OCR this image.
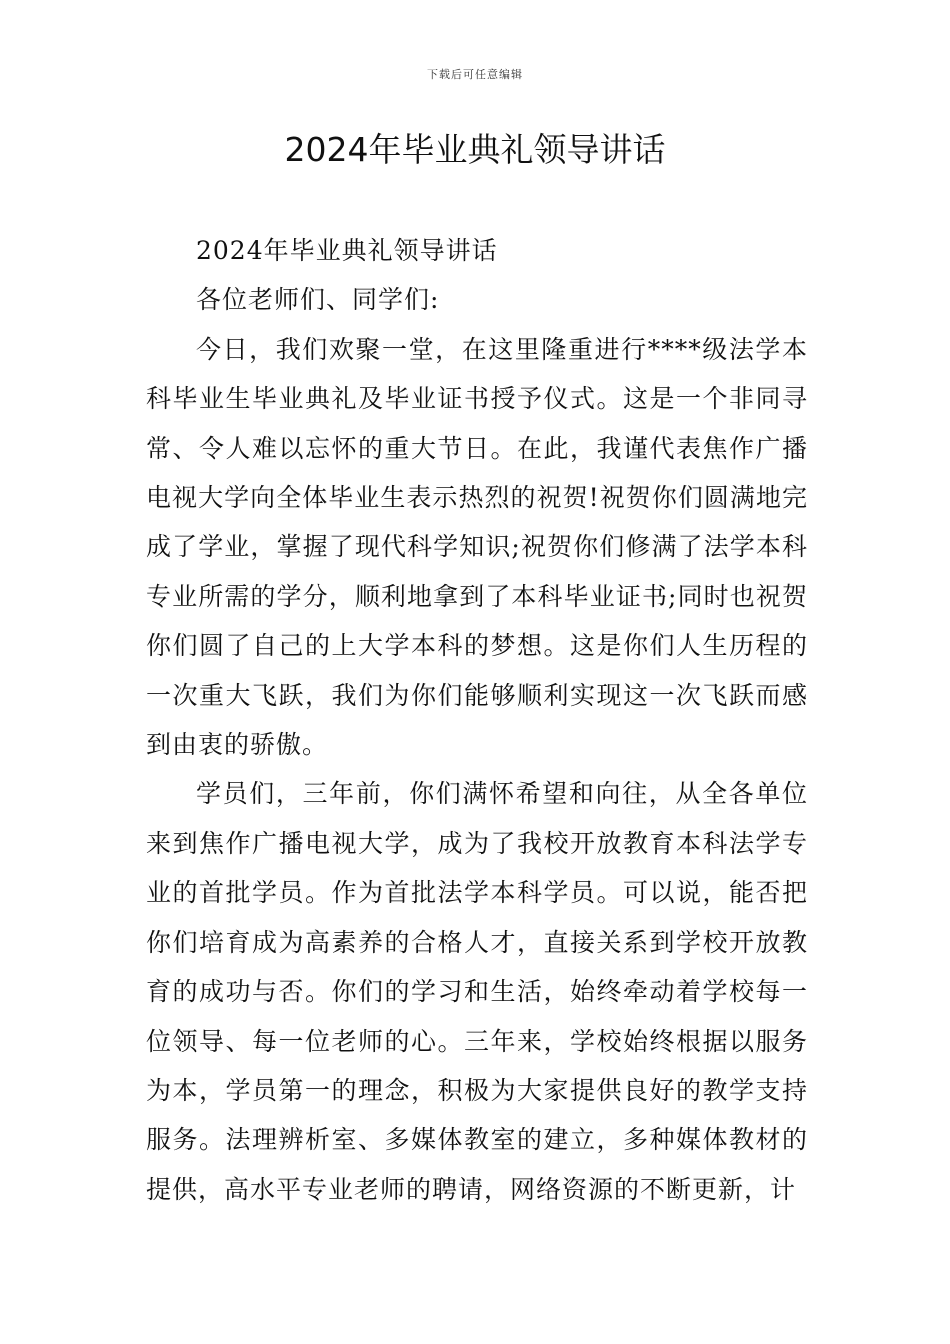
下载后可任意编辑
2024年毕业典礼领导讲话

2024年毕业典礼领导讲话

各位老师们、同学们:

今日，我们欢聚一堂，在这里隆重进行****级法学本科毕业生毕业典礼及毕业证书授予仪式。这是一个非同寻常、令人难以忘怀的重大节日。在此，我谨代表焦作广播电视大学向全体毕业生表示热烈的祝贺!祝贺你们圆满地完成了学业，掌握了现代科学知识;祝贺你们修满了法学本科专业所需的学分，顺利地拿到了本科毕业证书;同时也祝贺你们圆了自己的上大学本科的梦想。这是你们人生历程的一次重大飞跃，我们为你们能够顺利实现这一次飞跃而感到由衷的骄傲。

学员们，三年前，你们满怀希望和向往，从全各单位来到焦作广播电视大学，成为了我校开放教育本科法学专业的首批学员。作为首批法学本科学员。可以说，能否把你们培育成为高素养的合格人才，直接关系到学校开放教育的成功与否。你们的学习和生活，始终牵动着学校每一位领导、每一位老师的心。三年来，学校始终根据以服务为本，学员第一的理念，积极为大家提供良好的教学支持服务。法理辨析室、多媒体教室的建立，多种媒体教材的提供，高水平专业老师的聘请，网络资源的不断更新，计
